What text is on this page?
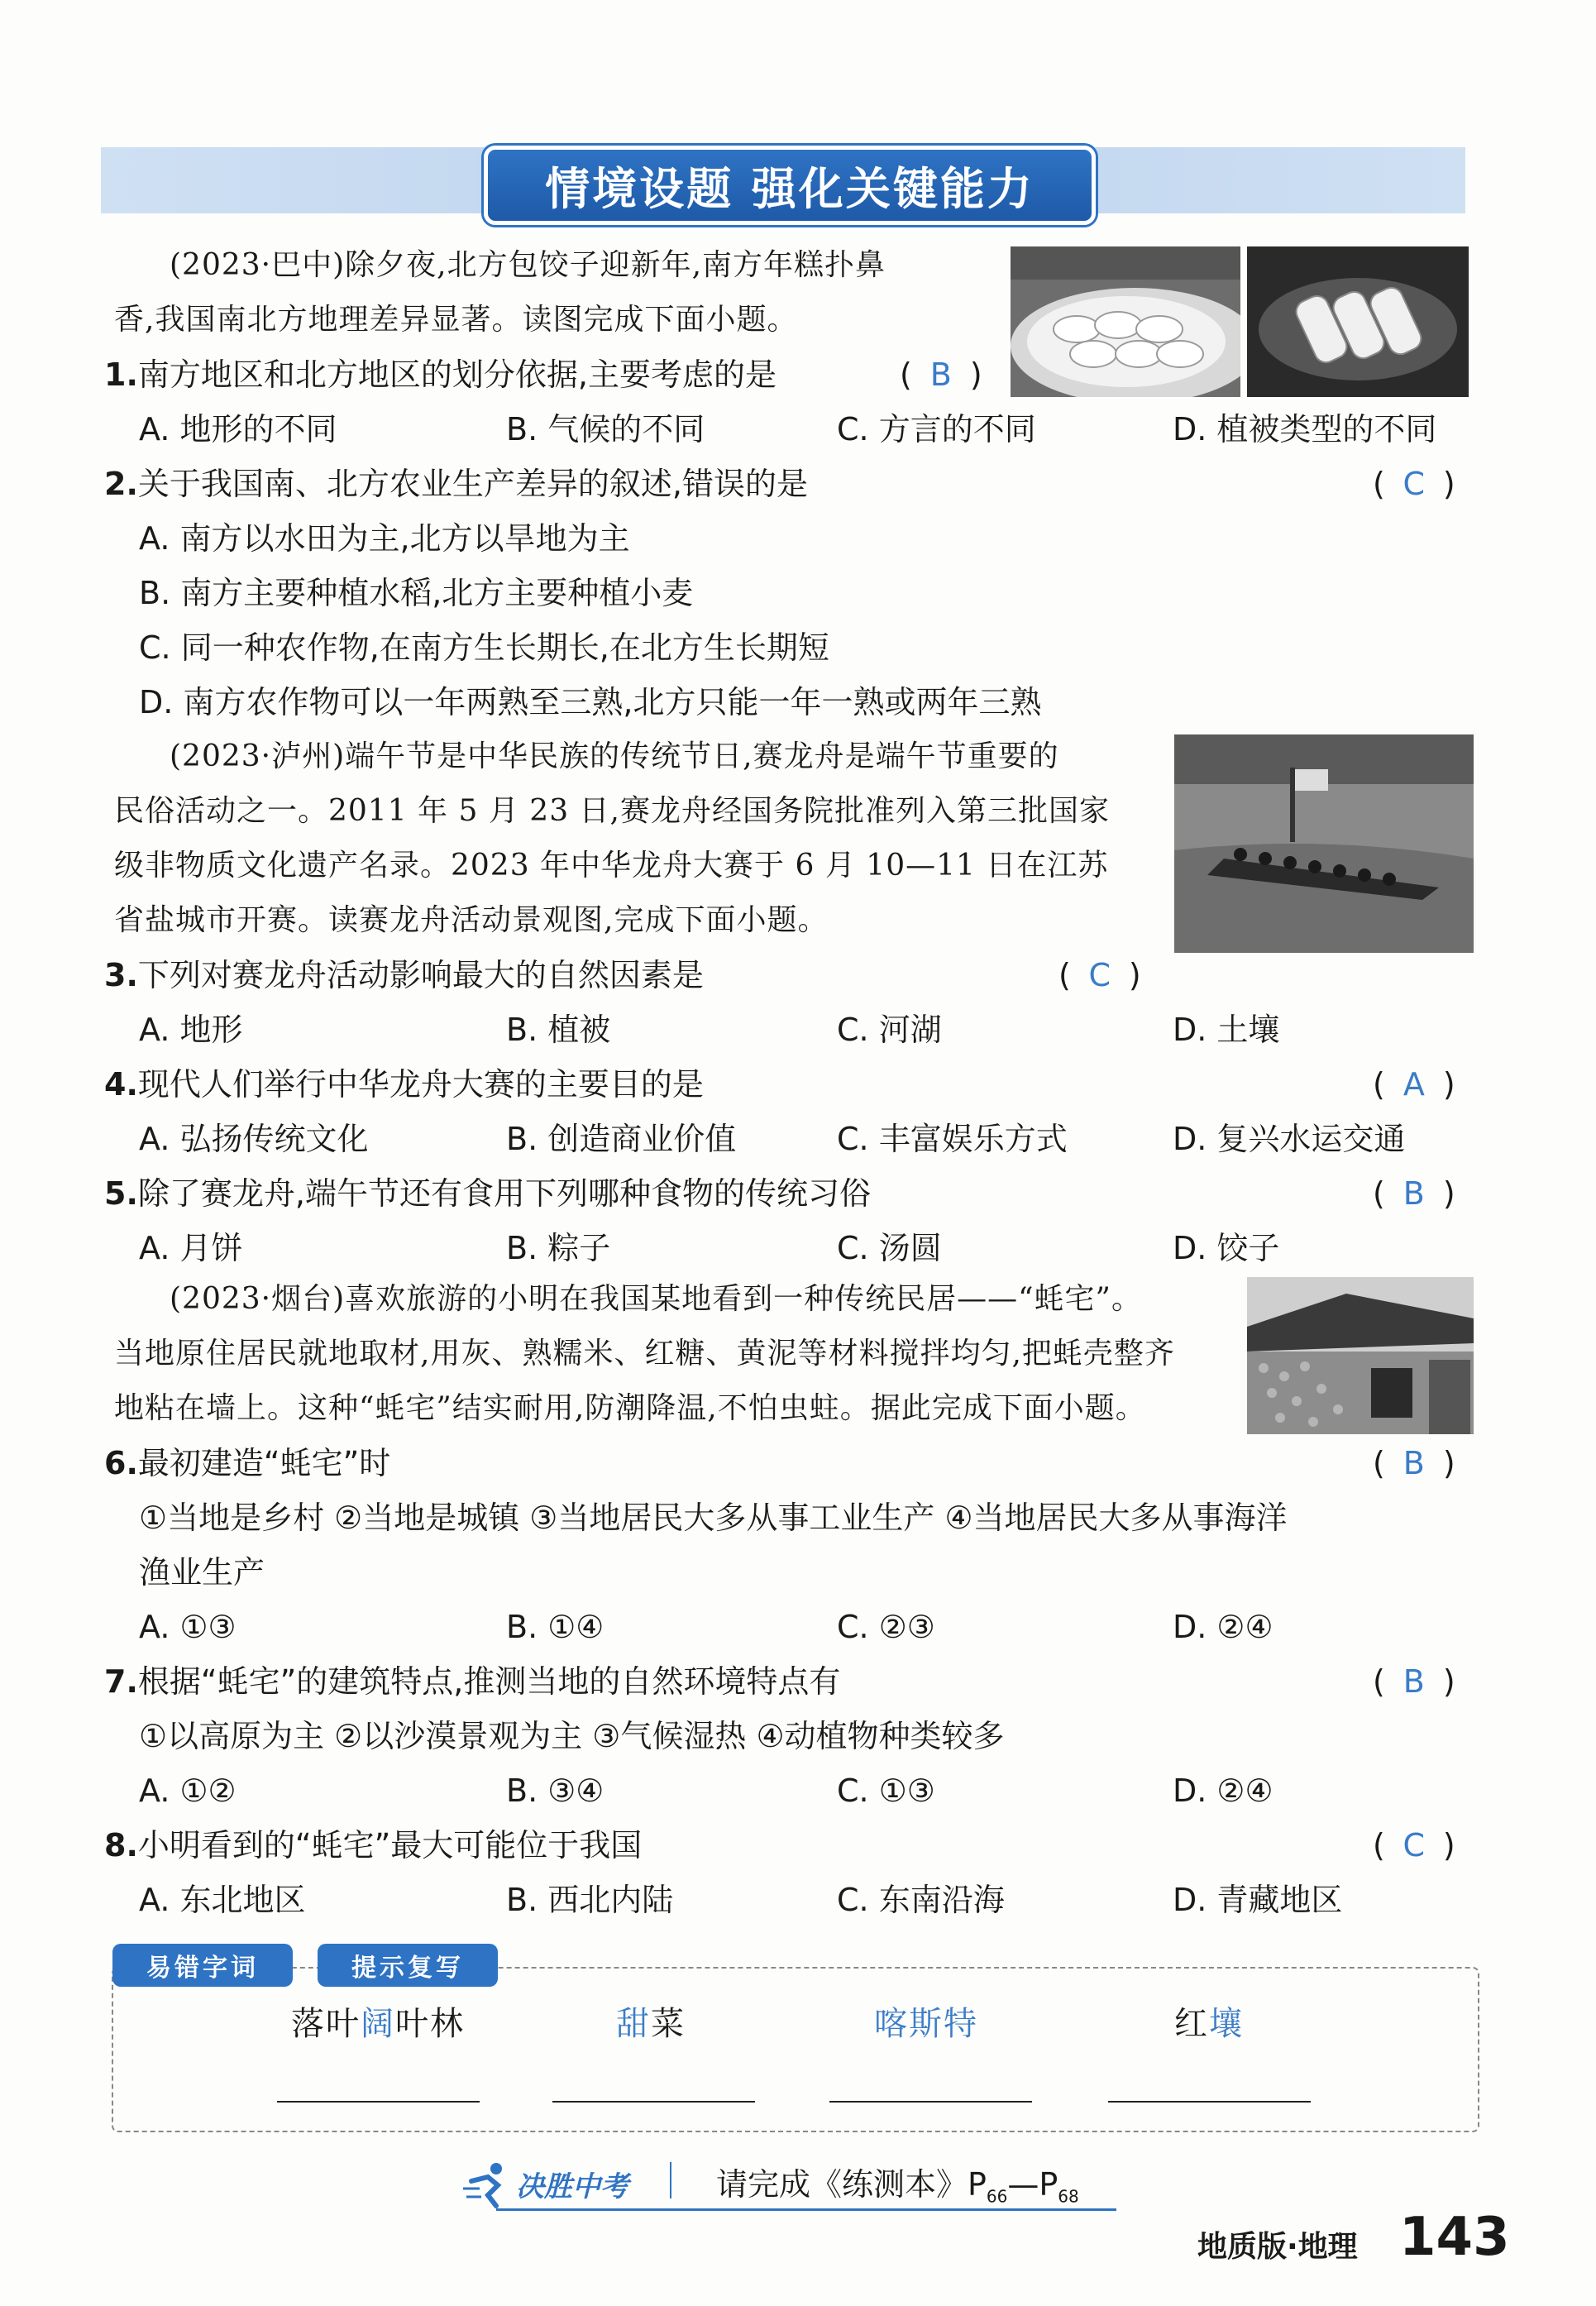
情境设题 强化关键能力
(2023·巴中)除夕夜,北方包饺子迎新年,南方年糕扑鼻
香,我国南北方地理差异显著。读图完成下面小题。
1.南方地区和北方地区的划分依据,主要考虑的是	( B )
A. 地形的不同	B. 气候的不同	C. 方言的不同	D. 植被类型的不同
2.关于我国南、北方农业生产差异的叙述,错误的是	( C )
A. 南方以水田为主,北方以旱地为主
B. 南方主要种植水稻,北方主要种植小麦
C. 同一种农作物,在南方生长期长,在北方生长期短
D. 南方农作物可以一年两熟至三熟,北方只能一年一熟或两年三熟
(2023·泸州)端午节是中华民族的传统节日,赛龙舟是端午节重要的
民俗活动之一。2011 年 5 月 23 日,赛龙舟经国务院批准列入第三批国家
级非物质文化遗产名录。2023 年中华龙舟大赛于 6 月 10—11 日在江苏
省盐城市开赛。读赛龙舟活动景观图,完成下面小题。
3.下列对赛龙舟活动影响最大的自然因素是	( C )
A. 地形	B. 植被	C. 河湖	D. 土壤
4.现代人们举行中华龙舟大赛的主要目的是	( A )
A. 弘扬传统文化	B. 创造商业价值	C. 丰富娱乐方式	D. 复兴水运交通
5.除了赛龙舟,端午节还有食用下列哪种食物的传统习俗	( B )
A. 月饼	B. 粽子	C. 汤圆	D. 饺子
(2023·烟台)喜欢旅游的小明在我国某地看到一种传统民居——“蚝宅”。
当地原住居民就地取材,用灰、熟糯米、红糖、黄泥等材料搅拌均匀,把蚝壳整齐
地粘在墙上。这种“蚝宅”结实耐用,防潮降温,不怕虫蛀。据此完成下面小题。
6.最初建造“蚝宅”时	( B )
①当地是乡村 ②当地是城镇 ③当地居民大多从事工业生产 ④当地居民大多从事海洋
渔业生产
A. ①③	B. ①④	C. ②③	D. ②④
7.根据“蚝宅”的建筑特点,推测当地的自然环境特点有	( B )
①以高原为主 ②以沙漠景观为主 ③气候湿热 ④动植物种类较多
A. ①②	B. ③④	C. ①③	D. ②④
8.小明看到的“蚝宅”最大可能位于我国	( C )
A. 东北地区	B. 西北内陆	C. 东南沿海	D. 青藏地区
易错字词	提示复写
落叶阔叶林	甜菜	喀斯特	红壤
决胜中考	请完成《练测本》$P_{66}—P_{68}$
地质版·地理 143
